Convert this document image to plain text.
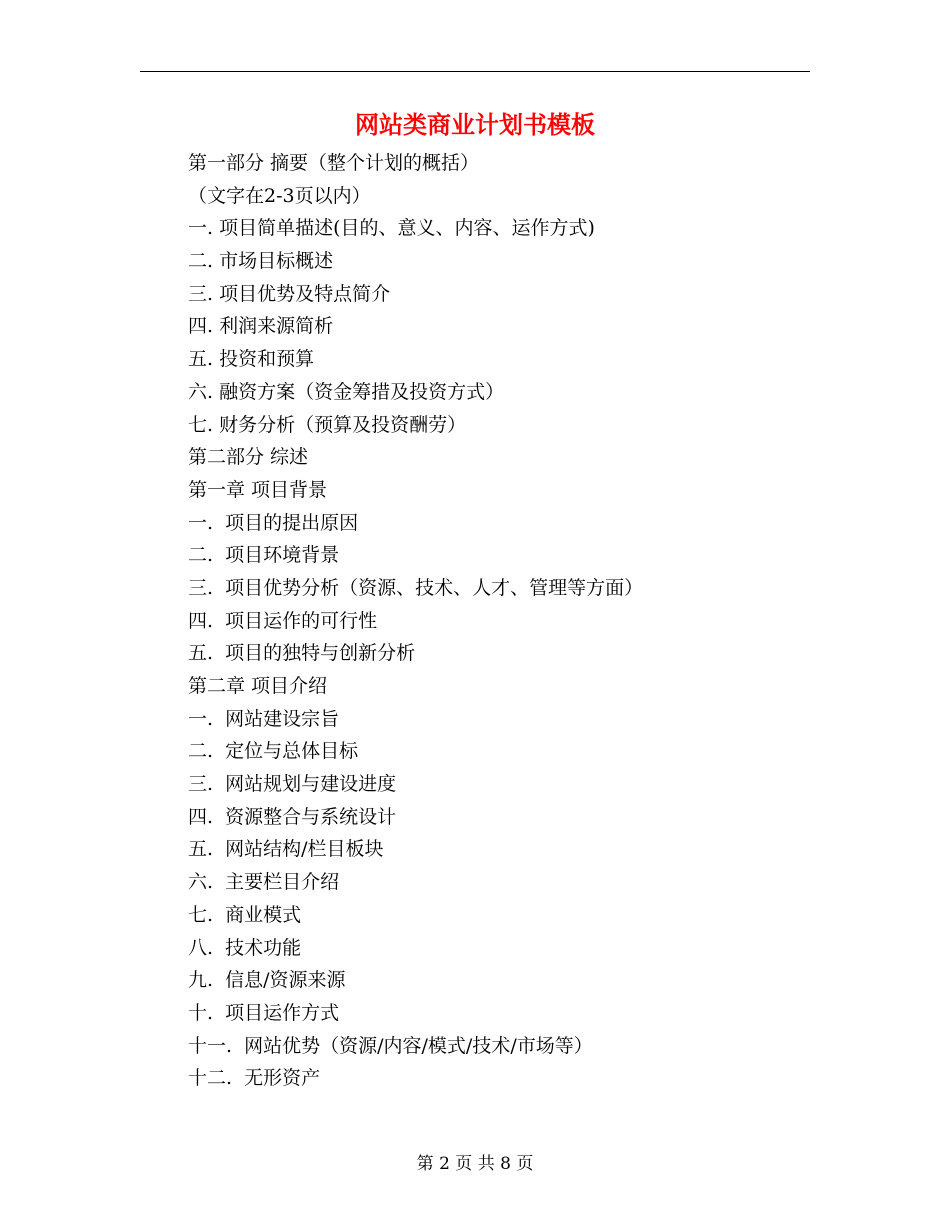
网站类商业计划书模板
第一部分 摘要（整个计划的概括）
（文字在2-3页以内）
一. 项目简单描述(目的、意义、内容、运作方式)
二. 市场目标概述
三. 项目优势及特点简介
四. 利润来源简析
五. 投资和预算
六. 融资方案（资金筹措及投资方式）
七. 财务分析（预算及投资酬劳）
第二部分 综述
第一章 项目背景
一.  项目的提出原因
二.  项目环境背景
三.  项目优势分析（资源、技术、人才、管理等方面）
四.  项目运作的可行性
五.  项目的独特与创新分析
第二章 项目介绍
一.  网站建设宗旨
二.  定位与总体目标
三.  网站规划与建设进度
四.  资源整合与系统设计
五.  网站结构/栏目板块
六.  主要栏目介绍
七.  商业模式
八.  技术功能
九.  信息/资源来源
十.  项目运作方式
十一.  网站优势（资源/内容/模式/技术/市场等）
十二.  无形资产
第 2 页 共 8 页
